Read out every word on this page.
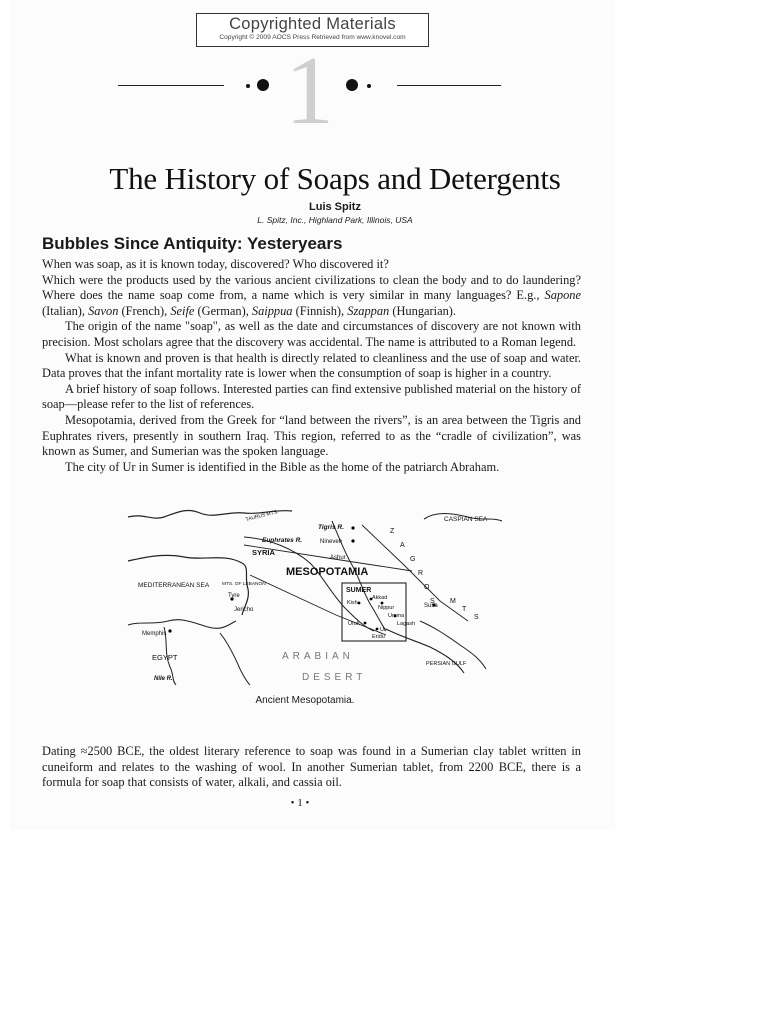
Copyrighted Materials
Copyright © 2009 AOCS Press Retrieved from www.knovel.com
1
The History of Soaps and Detergents
Luis Spitz
L. Spitz, Inc., Highland Park, Illinois, USA
Bubbles Since Antiquity: Yesteryears

When was soap, as it is known today, discovered? Who discovered it?

Which were the products used by the various ancient civilizations to clean the body and to do laundering? Where does the name soap come from, a name which is very similar in many languages? E.g., Sapone (Italian), Savon (French), Seife (German), Saippua (Finnish), Szappan (Hungarian).

The origin of the name "soap", as well as the date and circumstances of discovery are not known with precision. Most scholars agree that the discovery was accidental. The name is attributed to a Roman legend.

What is known and proven is that health is directly related to cleanliness and the use of soap and water. Data proves that the infant mortality rate is lower when the consumption of soap is higher in a country.

A brief history of soap follows. Interested parties can find extensive published material on the history of soap—please refer to the list of references.

Mesopotamia, derived from the Greek for “land between the rivers”, is an area between the Tigris and Euphrates rivers, presently in southern Iraq. This region, referred to as the “cradle of civilization”, was known as Sumer, and Sumerian was the spoken language.

The city of Ur in Sumer is identified in the Bible as the home of the patriarch Abraham.

CASPIAN SEA
Tigris R.
Euphrates R.	Nineveh
Ashur
SYRIA
TAURUS MTS.
Z
A
G
R
O
S M
T
S
MESOPOTAMIA
MEDITERRANEAN SEA	MTS. OF LEBANON
Tyre
Jericho
SUMER
Akkad
Kish
Nippur
Umma
Lagash
Uruk
Ur
Eridu
Susa
Memphis
EGYPT
Nile R.
ARABIAN
DESERT
PERSIAN GULF
Ancient Mesopotamia.

Dating ≈2500 BCE, the oldest literary reference to soap was found in a Sumerian clay tablet written in cuneiform and relates to the washing of wool. In another Sumerian tablet, from 2200 BCE, there is a formula for soap that consists of water, alkali, and cassia oil.

• 1 •
